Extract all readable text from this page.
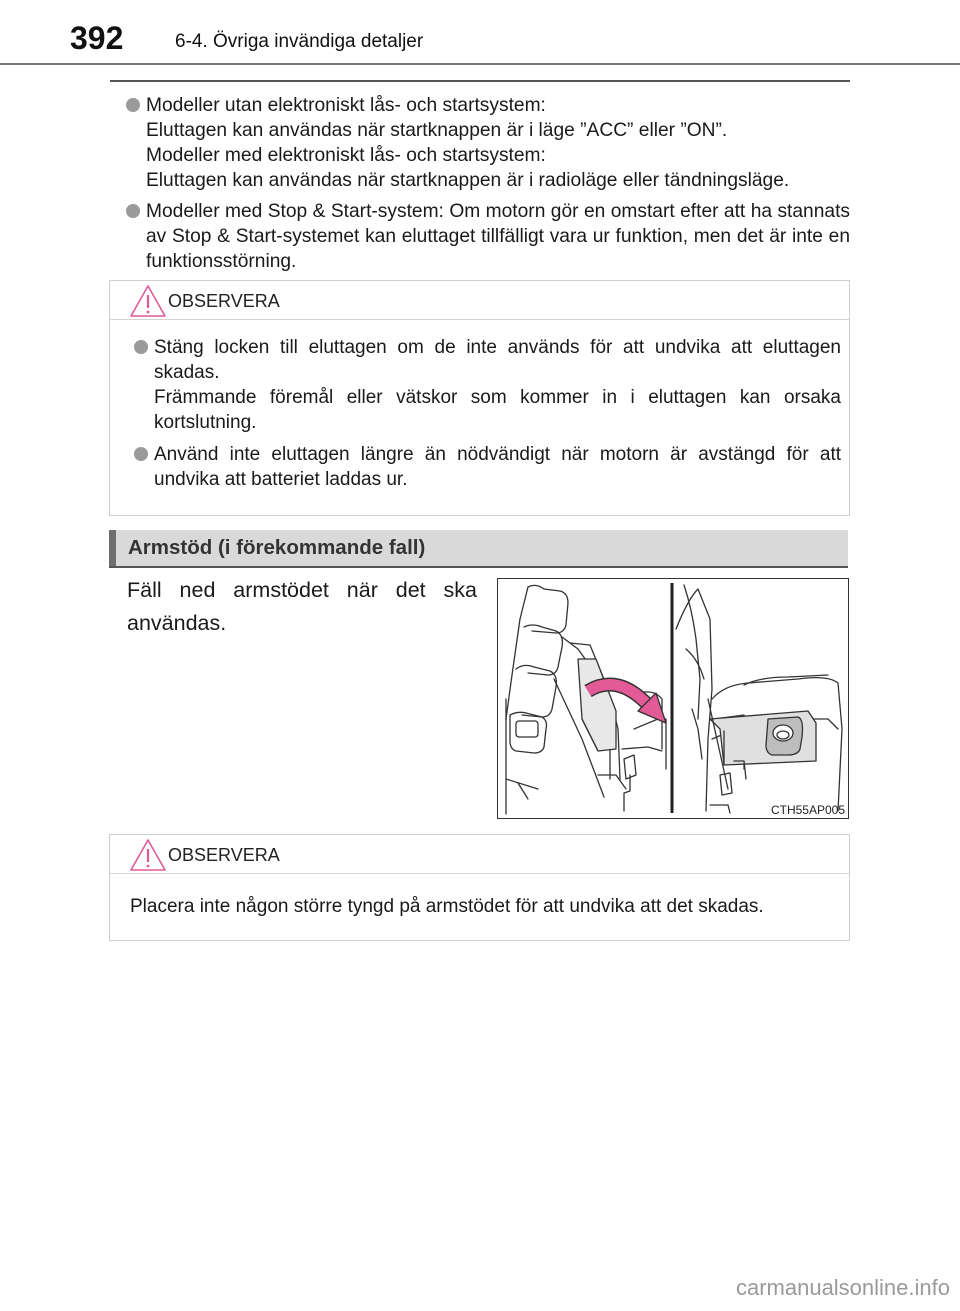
392	6-4. Övriga invändiga detaljer

Modeller utan elektroniskt lås- och startsystem:

Eluttagen kan användas när startknappen är i läge ”ACC” eller ”ON”.

Modeller med elektroniskt lås- och startsystem:

Eluttagen kan användas när startknappen är i radioläge eller tändningsläge.

Modeller med Stop & Start-system: Om motorn gör en omstart efter att ha stannats av Stop & Start-systemet kan eluttaget tillfälligt vara ur funktion, men det är inte en funktionsstörning.

OBSERVERA

Stäng locken till eluttagen om de inte används för att undvika att eluttagen skadas.

Främmande föremål eller vätskor som kommer in i eluttagen kan orsaka kortslutning.

Använd inte eluttagen längre än nödvändigt när motorn är avstängd för att undvika att batteriet laddas ur.

Armstöd (i förekommande fall)
Fäll ned armstödet när det ska användas.
CTH55AP005
OBSERVERA

Placera inte någon större tyngd på armstödet för att undvika att det skadas.

carmanualsonline.info
